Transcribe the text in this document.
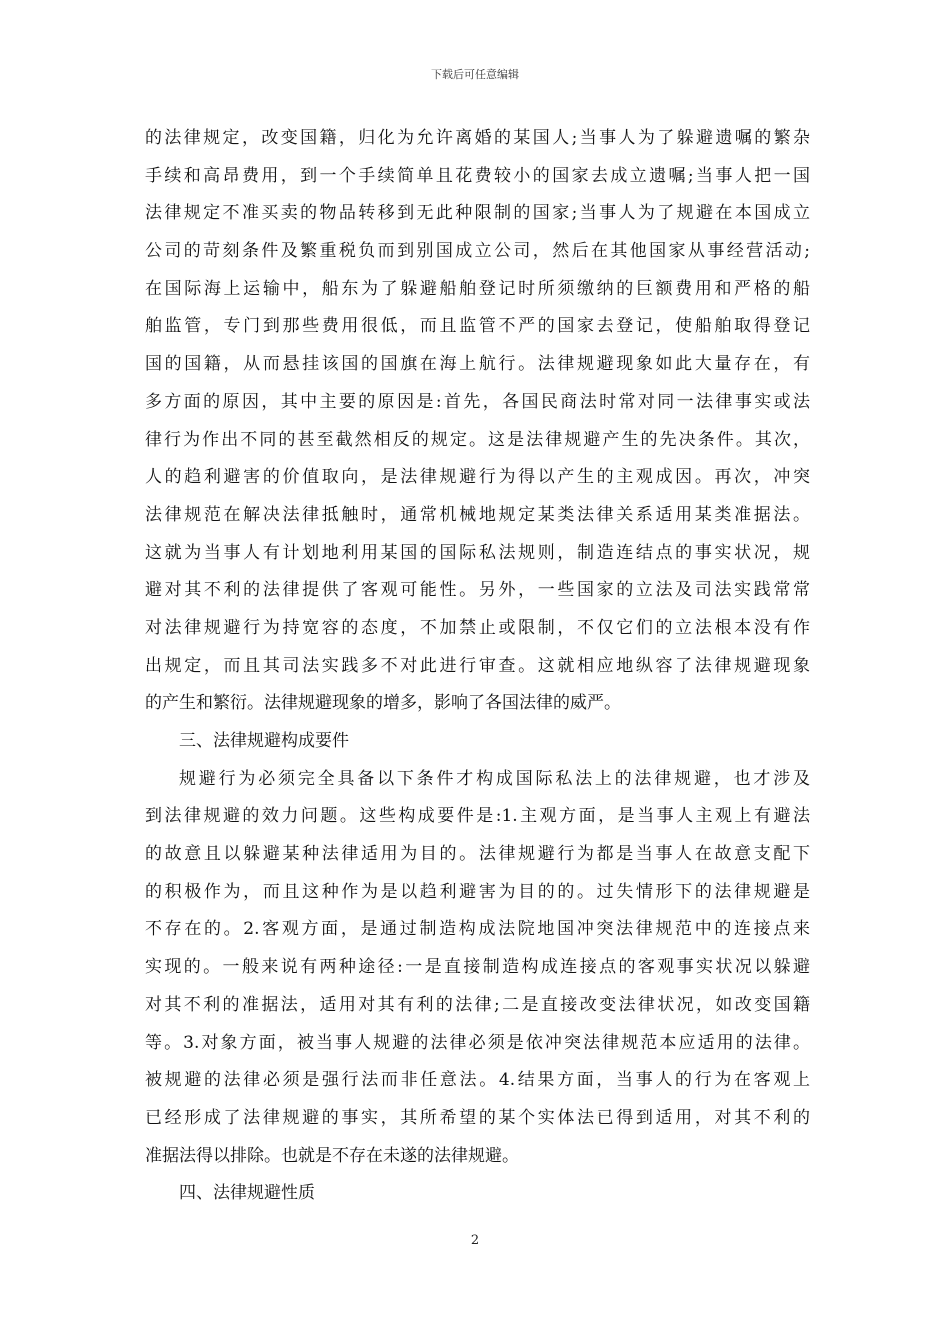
下载后可任意编辑
的法律规定，改变国籍，归化为允许离婚的某国人;当事人为了躲避遗嘱的繁杂
手续和高昂费用，到一个手续简单且花费较小的国家去成立遗嘱;当事人把一国
法律规定不准买卖的物品转移到无此种限制的国家;当事人为了规避在本国成立
公司的苛刻条件及繁重税负而到别国成立公司，然后在其他国家从事经营活动;
在国际海上运输中，船东为了躲避船舶登记时所须缴纳的巨额费用和严格的船
舶监管，专门到那些费用很低，而且监管不严的国家去登记，使船舶取得登记
国的国籍，从而悬挂该国的国旗在海上航行。法律规避现象如此大量存在，有
多方面的原因，其中主要的原因是:首先，各国民商法时常对同一法律事实或法
律行为作出不同的甚至截然相反的规定。这是法律规避产生的先决条件。其次，
人的趋利避害的价值取向，是法律规避行为得以产生的主观成因。再次，冲突
法律规范在解决法律抵触时，通常机械地规定某类法律关系适用某类准据法。
这就为当事人有计划地利用某国的国际私法规则，制造连结点的事实状况，规
避对其不利的法律提供了客观可能性。另外，一些国家的立法及司法实践常常
对法律规避行为持宽容的态度，不加禁止或限制，不仅它们的立法根本没有作
出规定，而且其司法实践多不对此进行审查。这就相应地纵容了法律规避现象
的产生和繁衍。法律规避现象的增多，影响了各国法律的威严。
三、法律规避构成要件
规避行为必须完全具备以下条件才构成国际私法上的法律规避，也才涉及
到法律规避的效力问题。这些构成要件是:1.主观方面，是当事人主观上有避法
的故意且以躲避某种法律适用为目的。法律规避行为都是当事人在故意支配下
的积极作为，而且这种作为是以趋利避害为目的的。过失情形下的法律规避是
不存在的。2.客观方面，是通过制造构成法院地国冲突法律规范中的连接点来
实现的。一般来说有两种途径:一是直接制造构成连接点的客观事实状况以躲避
对其不利的准据法，适用对其有利的法律;二是直接改变法律状况，如改变国籍
等。3.对象方面，被当事人规避的法律必须是依冲突法律规范本应适用的法律。
被规避的法律必须是强行法而非任意法。4.结果方面，当事人的行为在客观上
已经形成了法律规避的事实，其所希望的某个实体法已得到适用，对其不利的
准据法得以排除。也就是不存在未遂的法律规避。
四、法律规避性质
2
